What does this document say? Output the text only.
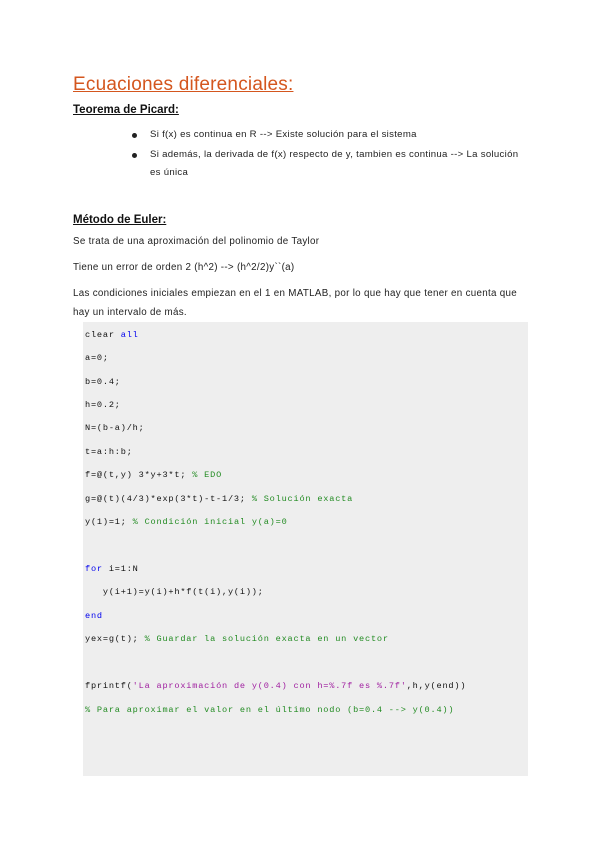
Ecuaciones diferenciales:
Teorema de Picard:
Si f(x) es continua en R --> Existe solución para el sistema
Si además, la derivada de f(x) respecto de y, tambien es continua --> La solución es única
Método de Euler:

Se trata de una aproximación del polinomio de Taylor

Tiene un error de orden 2 (h^2) --> (h^2/2)y``(a)

Las condiciones iniciales empiezan en el 1 en MATLAB, por lo que hay que tener en cuenta que hay un intervalo de más.

clear all
a=0;
b=0.4;
h=0.2;
N=(b-a)/h;
t=a:h:b;
f=@(t,y) 3*y+3*t; % EDO
g=@(t)(4/3)*exp(3*t)-t-1/3; % Solución exacta
y(1)=1; % Condición inicial y(a)=0
for i=1:N
y(i+1)=y(i)+h*f(t(i),y(i));
end
yex=g(t); % Guardar la solución exacta en un vector
fprintf('La aproximación de y(0.4) con h=%.7f es %.7f',h,y(end))
% Para aproximar el valor en el último nodo (b=0.4 --> y(0.4))
